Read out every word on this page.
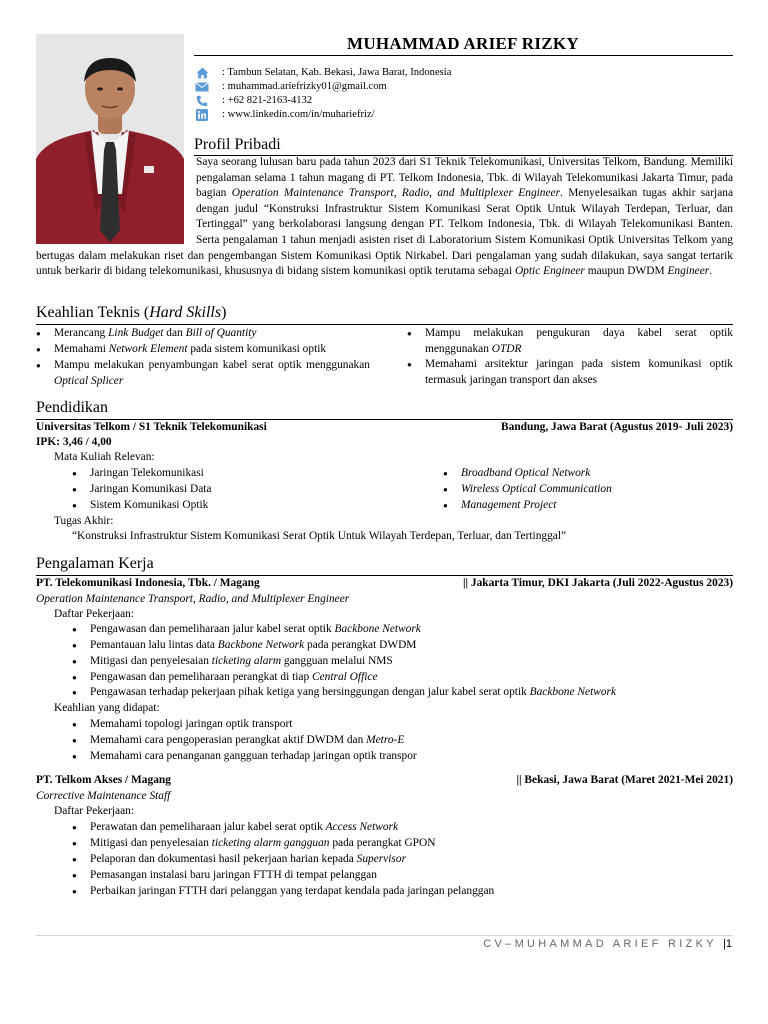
MUHAMMAD ARIEF RIZKY
: Tambun Selatan, Kab. Bekasi, Jawa Barat, Indonesia
: muhammad.ariefrizky01@gmail.com
: +62 821-2163-4132
: www.linkedin.com/in/muhariefriz/
Profil Pribadi
Saya seorang lulusan baru pada tahun 2023 dari S1 Teknik Telekomunikasi, Universitas Telkom, Bandung. Memiliki pengalaman selama 1 tahun magang di PT. Telkom Indonesia, Tbk. di Wilayah Telekomunikasi Jakarta Timur, pada bagian Operation Maintenance Transport, Radio, and Multiplexer Engineer. Menyelesaikan tugas akhir sarjana dengan judul “Konstruksi Infrastruktur Sistem Komunikasi Serat Optik Untuk Wilayah Terdepan, Terluar, dan Tertinggal” yang berkolaborasi langsung dengan PT. Telkom Indonesia, Tbk. di Wilayah Telekomunikasi Banten. Serta pengalaman 1 tahun menjadi asisten riset di Laboratorium Sistem Komunikasi Optik Universitas Telkom yang bertugas dalam melakukan riset dan pengembangan Sistem Komunikasi Optik Nirkabel. Dari pengalaman yang sudah dilakukan, saya sangat tertarik untuk berkarir di bidang telekomunikasi, khususnya di bidang sistem komunikasi optik terutama sebagai Optic Engineer maupun DWDM Engineer.
Keahlian Teknis (Hard Skills)
●	Merancang Link Budget dan Bill of Quantity
●	Memahami Network Element pada sistem komunikasi optik
●	Mampu melakukan penyambungan kabel serat optik menggunakan Optical Splicer
●	Mampu melakukan pengukuran daya kabel serat optik menggunakan OTDR
●	Memahami arsitektur jaringan pada sistem komunikasi optik termasuk jaringan transport dan akses
Pendidikan
Universitas Telkom / S1 Teknik Telekomunikasi	Bandung, Jawa Barat (Agustus 2019- Juli 2023)
IPK: 3,46 / 4,00
Mata Kuliah Relevan:
●	Jaringan Telekomunikasi
●	Jaringan Komunikasi Data
●	Sistem Komunikasi Optik
●	Broadband Optical Network
●	Wireless Optical Communication
●	Management Project
Tugas Akhir:
“Konstruksi Infrastruktur Sistem Komunikasi Serat Optik Untuk Wilayah Terdepan, Terluar, dan Tertinggal”
Pengalaman Kerja
PT. Telekomunikasi Indonesia, Tbk. / Magang	|| Jakarta Timur, DKI Jakarta (Juli 2022-Agustus 2023)
Operation Maintenance Transport, Radio, and Multiplexer Engineer
Daftar Pekerjaan:
●	Pengawasan dan pemeliharaan jalur kabel serat optik Backbone Network
●	Pemantauan lalu lintas data Backbone Network pada perangkat DWDM
●	Mitigasi dan penyelesaian ticketing alarm gangguan melalui NMS
●	Pengawasan dan pemeliharaan perangkat di tiap Central Office
●	Pengawasan terhadap pekerjaan pihak ketiga yang bersinggungan dengan jalur kabel serat optik Backbone Network
Keahlian yang didapat:
●	Memahami topologi jaringan optik transport
●	Memahami cara pengoperasian perangkat aktif DWDM dan Metro-E
●	Memahami cara penanganan gangguan terhadap jaringan optik transpor
PT. Telkom Akses / Magang	|| Bekasi, Jawa Barat (Maret 2021-Mei 2021)
Corrective Maintenance Staff
Daftar Pekerjaan:
●	Perawatan dan pemeliharaan jalur kabel serat optik Access Network
●	Mitigasi dan penyelesaian ticketing alarm gangguan pada perangkat GPON
●	Pelaporan dan dokumentasi hasil pekerjaan harian kepada Supervisor
●	Pemasangan instalasi baru jaringan FTTH di tempat pelanggan
●	Perbaikan jaringan FTTH dari pelanggan yang terdapat kendala pada jaringan pelanggan
CV–MUHAMMAD ARIEF RIZKY |1
